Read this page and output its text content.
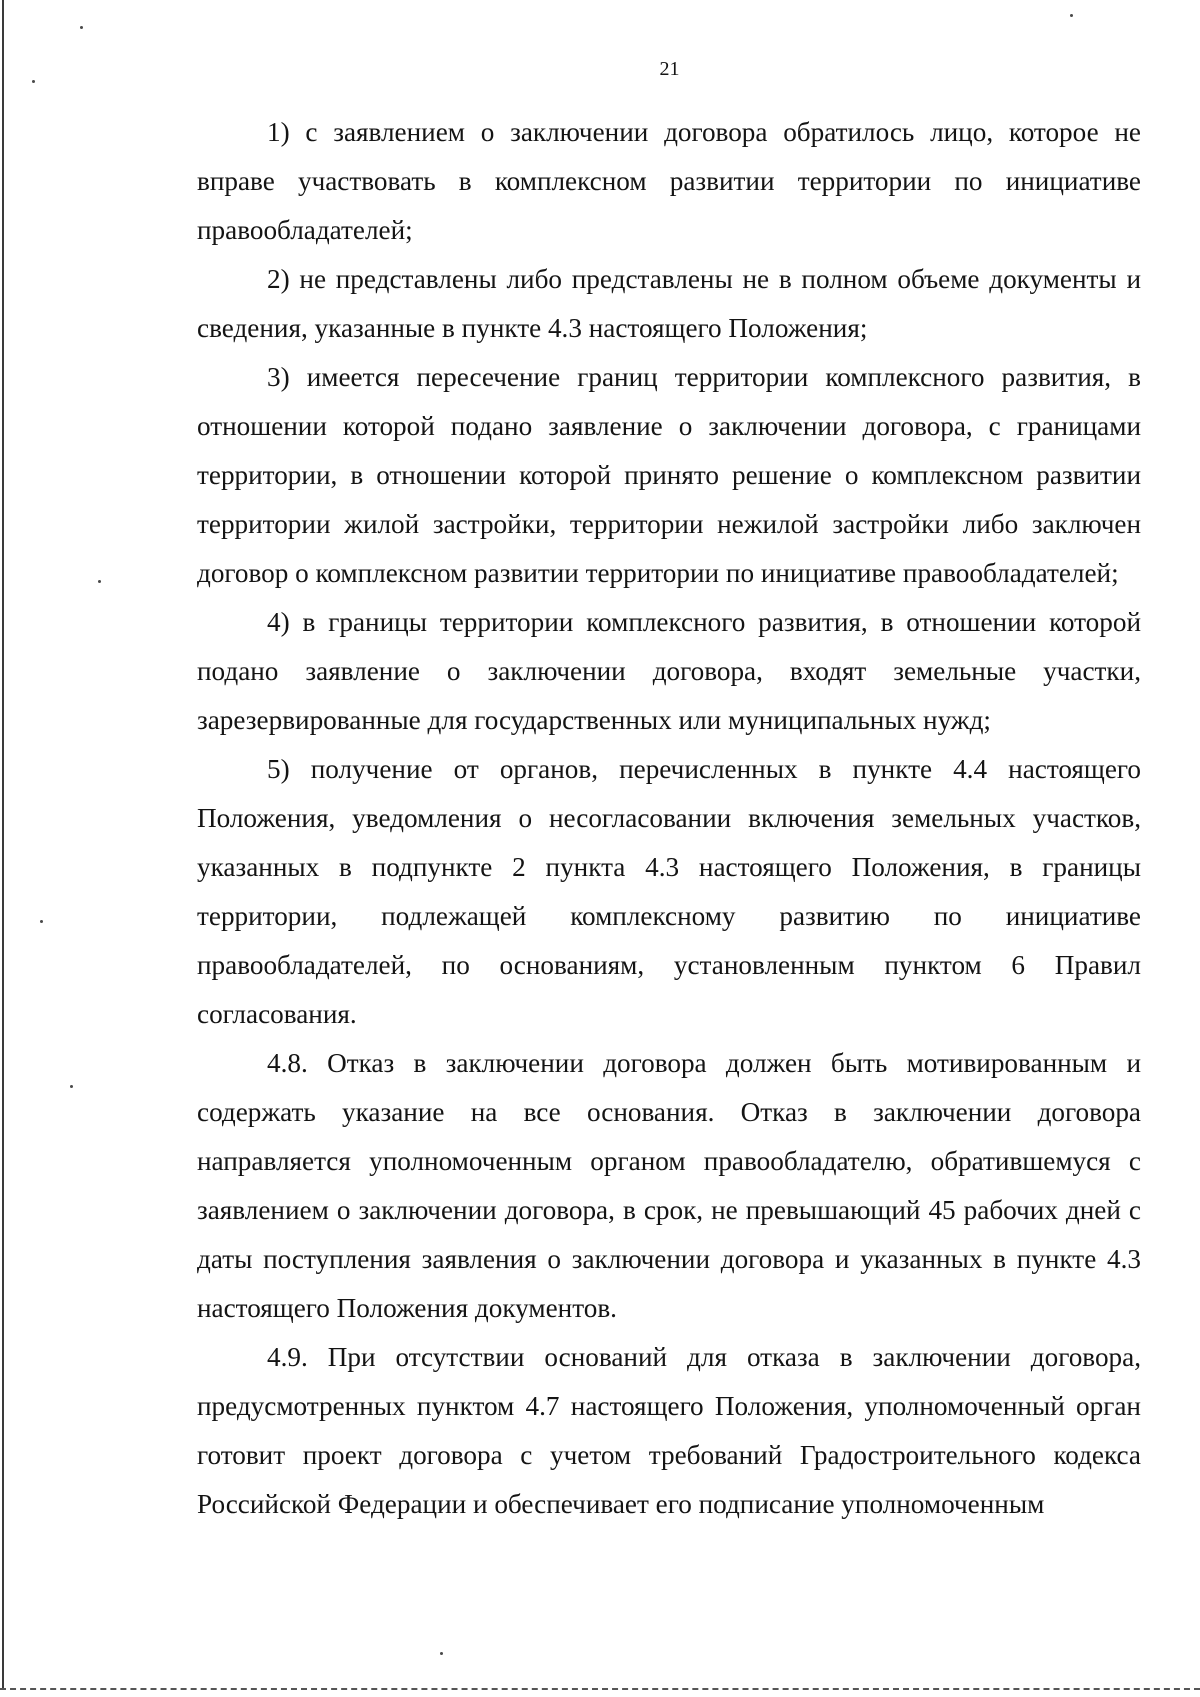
21

1) с заявлением о заключении договора обратилось лицо, которое не вправе участвовать в комплексном развитии территории по инициативе правообладателей;

2) не представлены либо представлены не в полном объеме документы и сведения, указанные в пункте 4.3 настоящего Положения;

3) имеется пересечение границ территории комплексного развития, в отношении которой подано заявление о заключении договора, с границами территории, в отношении которой принято решение о комплексном развитии территории жилой застройки, территории нежилой застройки либо заключен договор о комплексном развитии территории по инициативе правообладателей;

4) в границы территории комплексного развития, в отношении которой подано заявление о заключении договора, входят земельные участки, зарезервированные для государственных или муниципальных нужд;

5) получение от органов, перечисленных в пункте 4.4 настоящего Положения, уведомления о несогласовании включения земельных участков, указанных в подпункте 2 пункта 4.3 настоящего Положения, в границы территории, подлежащей комплексному развитию по инициативе правообладателей, по основаниям, установленным пунктом 6 Правил согласования.

4.8. Отказ в заключении договора должен быть мотивированным и содержать указание на все основания. Отказ в заключении договора направляется уполномоченным органом правообладателю, обратившемуся с заявлением о заключении договора, в срок, не превышающий 45 рабочих дней с даты поступления заявления о заключении договора и указанных в пункте 4.3 настоящего Положения документов.

4.9. При отсутствии оснований для отказа в заключении договора, предусмотренных пунктом 4.7 настоящего Положения, уполномоченный орган готовит проект договора с учетом требований Градостроительного кодекса Российской Федерации и обеспечивает его подписание уполномоченным
